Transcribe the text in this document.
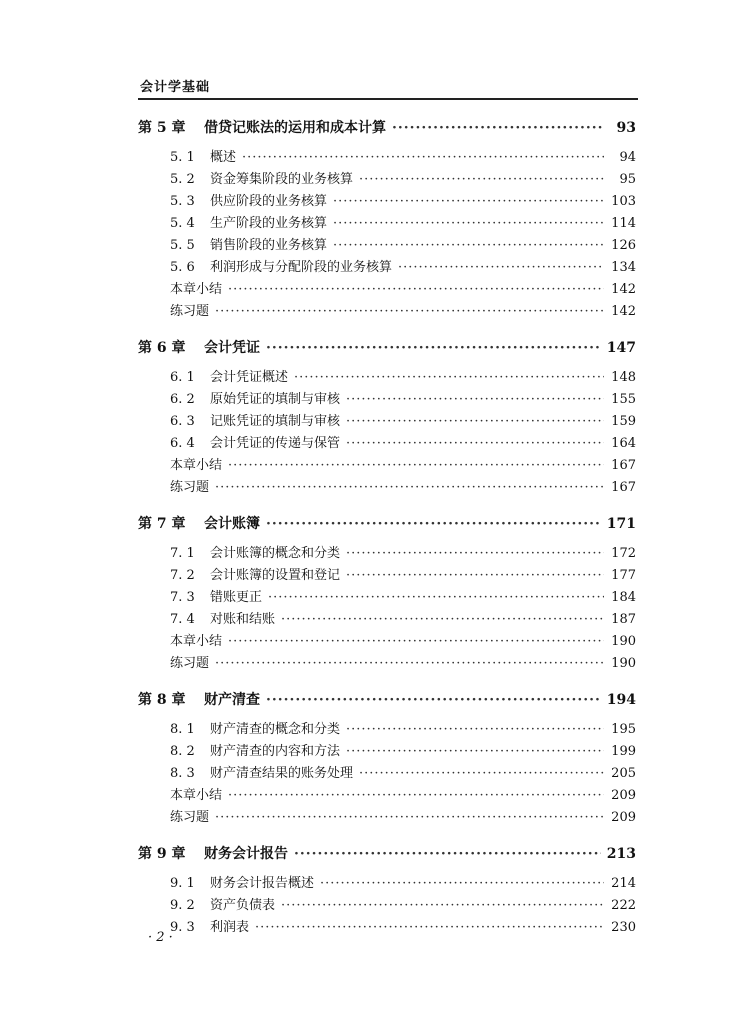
会计学基础
第 5 章	借贷记账法的运用和成本计算 ·····	93
5. 1	概述 ·····	94
5. 2	资金筹集阶段的业务核算 ·····	95
5. 3	供应阶段的业务核算 ·····	103
5. 4	生产阶段的业务核算 ·····	114
5. 5	销售阶段的业务核算 ·····	126
5. 6	利润形成与分配阶段的业务核算 ·····	134
本章小结 ·····	142
练习题 ·····	142
第 6 章	会计凭证 ·····	147
6. 1	会计凭证概述 ·····	148
6. 2	原始凭证的填制与审核 ·····	155
6. 3	记账凭证的填制与审核 ·····	159
6. 4	会计凭证的传递与保管 ·····	164
本章小结 ·····	167
练习题 ·····	167
第 7 章	会计账簿 ·····	171
7. 1	会计账簿的概念和分类 ·····	172
7. 2	会计账簿的设置和登记 ·····	177
7. 3	错账更正 ·····	184
7. 4	对账和结账 ·····	187
本章小结 ·····	190
练习题 ·····	190
第 8 章	财产清查 ·····	194
8. 1	财产清查的概念和分类 ·····	195
8. 2	财产清查的内容和方法 ·····	199
8. 3	财产清查结果的账务处理 ·····	205
本章小结 ·····	209
练习题 ·····	209
第 9 章	财务会计报告 ·····	213
9. 1	财务会计报告概述 ·····	214
9. 2	资产负债表 ·····	222
9. 3	利润表 ·····	230
· 2 ·
